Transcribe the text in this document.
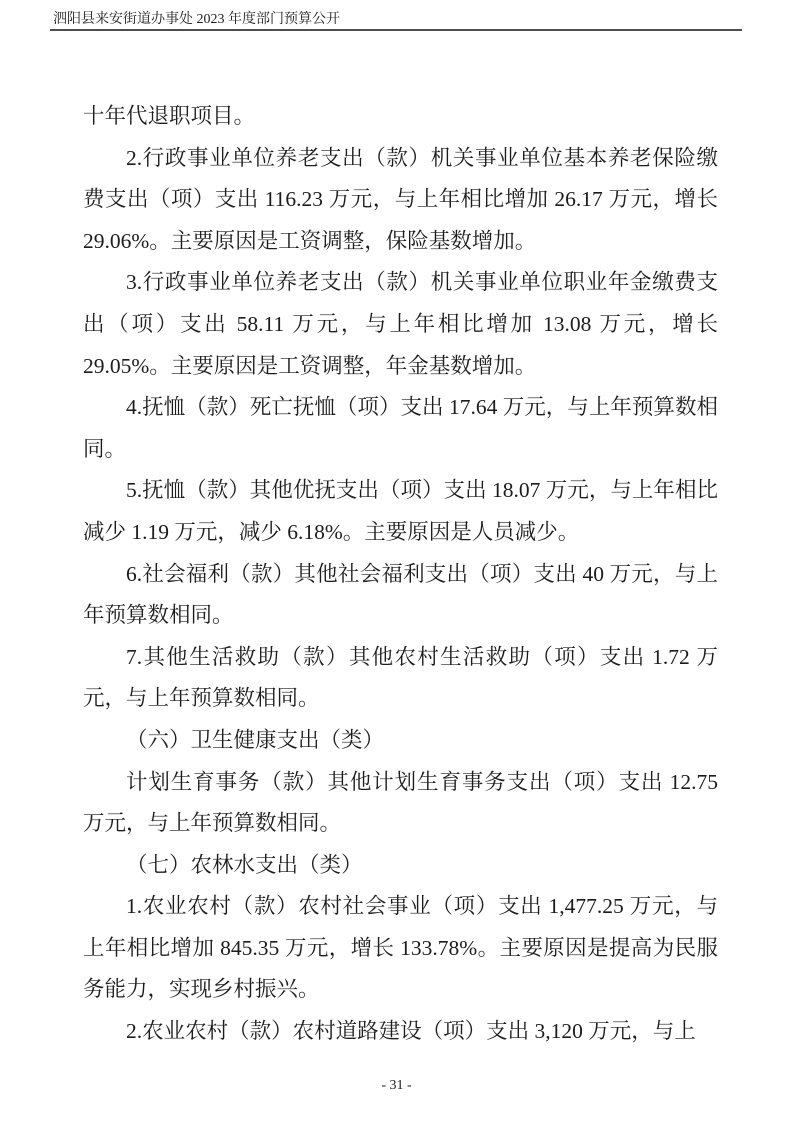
泗阳县来安街道办事处 2023 年度部门预算公开

十年代退职项目。

2.行政事业单位养老支出（款）机关事业单位基本养老保险缴费支出（项）支出 116.23 万元，与上年相比增加 26.17 万元，增长 29.06%。主要原因是工资调整，保险基数增加。

3.行政事业单位养老支出（款）机关事业单位职业年金缴费支出（项）支出 58.11 万元，与上年相比增加 13.08 万元，增长 29.05%。主要原因是工资调整，年金基数增加。

4.抚恤（款）死亡抚恤（项）支出 17.64 万元，与上年预算数相同。

5.抚恤（款）其他优抚支出（项）支出 18.07 万元，与上年相比减少 1.19 万元，减少 6.18%。主要原因是人员减少。

6.社会福利（款）其他社会福利支出（项）支出 40 万元，与上年预算数相同。

7.其他生活救助（款）其他农村生活救助（项）支出 1.72 万元，与上年预算数相同。

（六）卫生健康支出（类）

计划生育事务（款）其他计划生育事务支出（项）支出 12.75 万元，与上年预算数相同。

（七）农林水支出（类）

1.农业农村（款）农村社会事业（项）支出 1,477.25 万元，与上年相比增加 845.35 万元，增长 133.78%。主要原因是提高为民服务能力，实现乡村振兴。

2.农业农村（款）农村道路建设（项）支出 3,120 万元，与上

- 31 -
